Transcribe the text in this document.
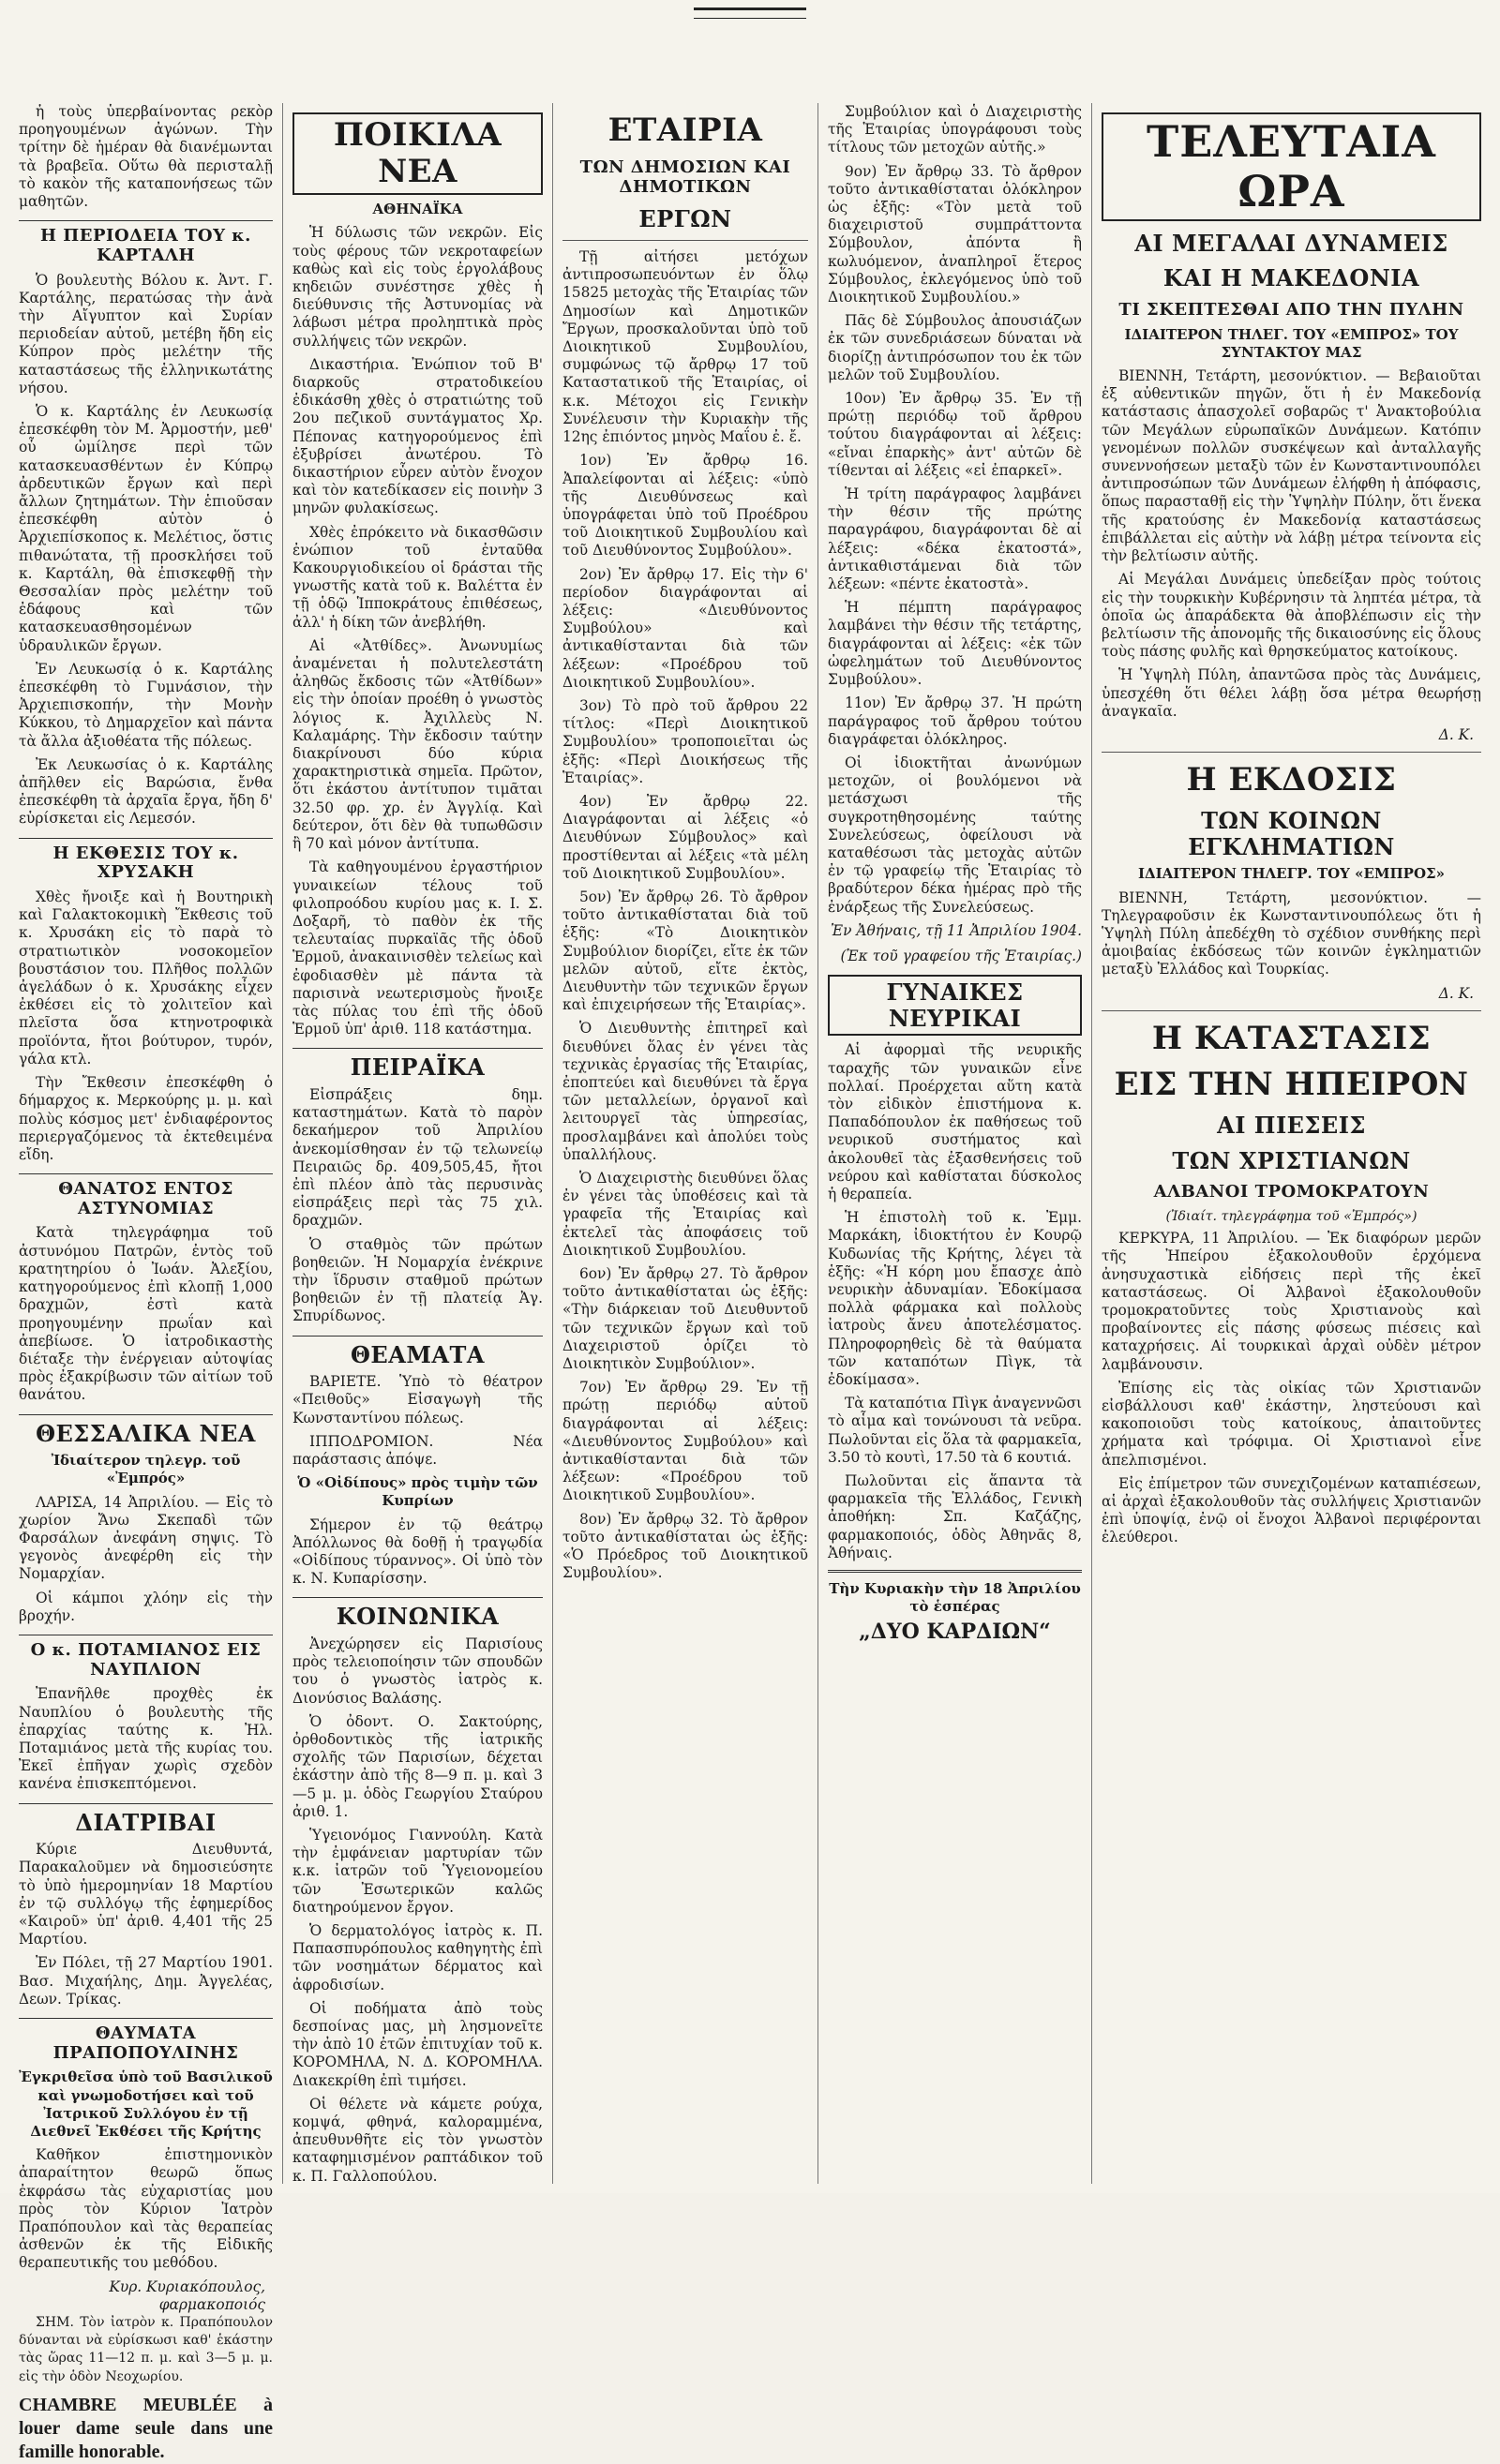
ἡ τοὺς ὑπερβαίνοντας ρεκὸρ προηγουμένων ἀγώνων. Τὴν τρίτην δὲ ἡμέραν θὰ διανέμωνται τὰ βραβεῖα. Οὕτω θὰ περισταλῇ τὸ κακὸν τῆς καταπονήσεως τῶν μαθητῶν.

Η ΠΕΡΙΟΔΕΙΑ ΤΟΥ κ. ΚΑΡΤΑΛΗ

Ὁ βουλευτὴς Βόλου κ. Ἀντ. Γ. Καρτάλης, περατώσας τὴν ἀνὰ τὴν Αἴγυπτον καὶ Συρίαν περιοδείαν αὐτοῦ, μετέβη ἤδη εἰς Κύπρον πρὸς μελέτην τῆς καταστάσεως τῆς ἑλληνικωτάτης νήσου.

Ὁ κ. Καρτάλης ἐν Λευκωσίᾳ ἐπεσκέφθη τὸν Μ. Ἀρμοστήν, μεθ' οὗ ὡμίλησε περὶ τῶν κατασκευασθέντων ἐν Κύπρῳ ἀρδευτικῶν ἔργων καὶ περὶ ἄλλων ζητημάτων. Τὴν ἑπιοῦσαν ἐπεσκέφθη αὐτὸν ὁ Ἀρχιεπίσκοπος κ. Μελέτιος, ὅστις πιθανώτατα, τῇ προσκλήσει τοῦ κ. Καρτάλη, θὰ ἐπισκεφθῇ τὴν Θεσσαλίαν πρὸς μελέτην τοῦ ἐδάφους καὶ τῶν κατασκευασθησομένων ὑδραυλικῶν ἔργων.

Ἐν Λευκωσίᾳ ὁ κ. Καρτάλης ἐπεσκέφθη τὸ Γυμνάσιον, τὴν Ἀρχιεπισκοπήν, τὴν Μονὴν Κύκκου, τὸ Δημαρχεῖον καὶ πάντα τὰ ἄλλα ἀξιοθέατα τῆς πόλεως.

Ἐκ Λευκωσίας ὁ κ. Καρτάλης ἀπῆλθεν εἰς Βαρώσια, ἔνθα ἐπεσκέφθη τὰ ἀρχαῖα ἔργα, ἤδη δ' εὑρίσκεται εἰς Λεμεσόν.

Η ΕΚΘΕΣΙΣ ΤΟΥ κ. ΧΡΥΣΑΚΗ

Χθὲς ἤνοιξε καὶ ἡ Βουτηρικὴ καὶ Γαλακτοκομικὴ Ἔκθεσις τοῦ κ. Χρυσάκη εἰς τὸ παρὰ τὸ στρατιωτικὸν νοσοκομεῖον βουστάσιον του. Πλῆθος πολλῶν ἀγελάδων ὁ κ. Χρυσάκης εἶχεν ἐκθέσει εἰς τὸ χολιτεῖον καὶ πλεῖστα ὅσα κτηνοτροφικὰ προϊόντα, ἤτοι βούτυρον, τυρόν, γάλα κτλ.

Τὴν Ἔκθεσιν ἐπεσκέφθη ὁ δήμαρχος κ. Μερκούρης μ. μ. καὶ πολὺς κόσμος μετ' ἐνδιαφέροντος περιεργαζόμενος τὰ ἐκτεθειμένα εἴδη.

ΘΑΝΑΤΟΣ ΕΝΤΟΣ ΑΣΤΥΝΟΜΙΑΣ

Κατὰ τηλεγράφημα τοῦ ἀστυνόμου Πατρῶν, ἐντὸς τοῦ κρατητηρίου ὁ Ἰωάν. Ἀλεξίου, κατηγορούμενος ἐπὶ κλοπῇ 1,000 δραχμῶν, ἐστὶ κατὰ προηγουμένην πρωΐαν καὶ ἀπεβίωσε. Ὁ ἰατροδικαστὴς διέταξε τὴν ἐνέργειαν αὐτοψίας πρὸς ἐξακρίβωσιν τῶν αἰτίων τοῦ θανάτου.

ΘΕΣΣΑΛΙΚΑ ΝΕΑ
Ἰδιαίτερον τηλεγρ. τοῦ «Ἐμπρός»

ΛΑΡΙΣΑ, 14 Ἀπριλίου. — Εἰς τὸ χωρίον Ἄνω Σκεπαδὶ τῶν Φαρσάλων ἀνεφάνη σηψις. Τὸ γεγονὸς ἀνεφέρθη εἰς τὴν Νομαρχίαν.

Οἱ κάμποι χλόην εἰς τὴν βροχήν.

Ο κ. ΠΟΤΑΜΙΑΝΟΣ ΕΙΣ ΝΑΥΠΛΙΟΝ

Ἐπανῆλθε προχθὲς ἐκ Ναυπλίου ὁ βουλευτὴς τῆς ἐπαρχίας ταύτης κ. Ἠλ. Ποταμιάνος μετὰ τῆς κυρίας του. Ἐκεῖ ἐπῆγαν χωρὶς σχεδὸν κανένα ἐπισκεπτόμενοι.

ΔΙΑΤΡΙΒΑΙ

Κύριε Διευθυντά, Παρακαλοῦμεν νὰ δημοσιεύσητε τὸ ὑπὸ ἡμερομηνίαν 18 Μαρτίου ἐν τῷ συλλόγῳ τῆς ἐφημερίδος «Καιροῦ» ὑπ' ἀριθ. 4,401 τῆς 25 Μαρτίου.

Ἐν Πόλει, τῇ 27 Μαρτίου 1901. Βασ. Μιχαήλης, Δημ. Ἀγγελέας, Δεων. Τρίκας.

ΘΑΥΜΑΤΑ ΠΡΑΠΟΠΟΥΛΙΝΗΣ
Ἐγκριθεῖσα ὑπὸ τοῦ Βασιλικοῦ καὶ γνωμοδοτήσει καὶ τοῦ Ἰατρικοῦ Συλλόγου ἐν τῇ Διεθνεῖ Ἐκθέσει τῆς Κρήτης

Καθῆκον ἐπιστημονικὸν ἀπαραίτητον θεωρῶ ὅπως ἐκφράσω τὰς εὐχαριστίας μου πρὸς τὸν Κύριον Ἰατρὸν Πραπόπουλον καὶ τὰς θεραπείας ἀσθενῶν ἐκ τῆς Εἰδικῆς θεραπευτικῆς του μεθόδου.

Κυρ. Κυριακόπουλος, φαρμακοποιός

ΣΗΜ. Τὸν ἰατρὸν κ. Πραπόπουλον δύνανται νὰ εὑρίσκωσι καθ' ἑκάστην τὰς ὥρας 11—12 π. μ. καὶ 3—5 μ. μ. εἰς τὴν ὁδὸν Νεοχωρίου.

CHAMBRE MEUBLÉE à louer dame seule dans une famille honorable.
ΠΟΙΚΙΛΑ ΝΕΑ
ΑΘΗΝΑΪΚΑ

Ἡ δύλωσις τῶν νεκρῶν. Εἰς τοὺς φέρους τῶν νεκροταφείων καθὼς καὶ εἰς τοὺς ἐργολάβους κηδειῶν συνέστησε χθὲς ἡ διεύθυνσις τῆς Ἀστυνομίας νὰ λάβωσι μέτρα προληπτικὰ πρὸς συλλήψεις τῶν νεκρῶν.

Δικαστήρια. Ἐνώπιον τοῦ Β' διαρκοῦς στρατοδικείου ἐδικάσθη χθὲς ὁ στρατιώτης τοῦ 2ου πεζικοῦ συντάγματος Χρ. Πέπονας κατηγορούμενος ἐπὶ ἐξυβρίσει ἀνωτέρου. Τὸ δικαστήριον εὗρεν αὐτὸν ἔνοχον καὶ τὸν κατεδίκασεν εἰς ποινὴν 3 μηνῶν φυλακίσεως.

Χθὲς ἐπρόκειτο νὰ δικασθῶσιν ἐνώπιον τοῦ ἐνταῦθα Κακουργιοδικείου οἱ δράσται τῆς γνωστῆς κατὰ τοῦ κ. Βαλέττα ἐν τῇ ὁδῷ Ἱπποκράτους ἐπιθέσεως, ἀλλ' ἡ δίκη τῶν ἀνεβλήθη.

Αἱ «Ἀτθίδες». Ἀνωνυμίως ἀναμένεται ἡ πολυτελεστάτη ἀληθῶς ἔκδοσις τῶν «Ἀτθίδων» εἰς τὴν ὁποίαν προέθη ὁ γνωστὸς λόγιος κ. Ἀχιλλεὺς Ν. Καλαμάρης. Τὴν ἔκδοσιν ταύτην διακρίνουσι δύο κύρια χαρακτηριστικὰ σημεῖα. Πρῶτον, ὅτι ἑκάστου ἀντίτυπον τιμᾶται 32.50 φρ. χρ. ἐν Ἀγγλίᾳ. Καὶ δεύτερον, ὅτι δὲν θὰ τυπωθῶσιν ἢ 70 καὶ μόνον ἀντίτυπα.

Τὰ καθηγουμένου ἐργαστήριον γυναικείων τέλους τοῦ φιλοπροόδου κυρίου μας κ. Ι. Σ. Δοξαρῆ, τὸ παθὸν ἐκ τῆς τελευταίας πυρκαϊᾶς τῆς ὁδοῦ Ἑρμοῦ, ἀνακαινισθὲν τελείως καὶ ἐφοδιασθὲν μὲ πάντα τὰ παρισινὰ νεωτερισμοὺς ἤνοιξε τὰς πύλας του ἐπὶ τῆς ὁδοῦ Ἑρμοῦ ὑπ' ἀριθ. 118 κατάστημα.

ΠΕΙΡΑΪΚΑ

Εἰσπράξεις δημ. καταστημάτων. Κατὰ τὸ παρὸν δεκαήμερον τοῦ Ἀπριλίου ἀνεκομίσθησαν ἐν τῷ τελωνείῳ Πειραιῶς δρ. 409,505,45, ἤτοι ἐπὶ πλέον ἀπὸ τὰς περυσινὰς εἰσπράξεις περὶ τὰς 75 χιλ. δραχμῶν.

Ὁ σταθμὸς τῶν πρώτων βοηθειῶν. Ἡ Νομαρχία ἐνέκρινε τὴν ἵδρυσιν σταθμοῦ πρώτων βοηθειῶν ἐν τῇ πλατείᾳ Ἀγ. Σπυρίδωνος.

ΘΕΑΜΑΤΑ

ΒΑΡΙΕΤΕ. Ὑπὸ τὸ θέατρον «Πειθοῦς» Εἰσαγωγὴ τῆς Κωνσταντίνου πόλεως.

ΙΠΠΟΔΡΟΜΙΟΝ. Νέα παράστασις ἀπόψε.

Ὁ «Οἰδίπους» πρὸς τιμὴν τῶν Κυπρίων

Σήμερον ἐν τῷ θεάτρῳ Ἀπόλλωνος θὰ δοθῇ ἡ τραγῳδία «Οἰδίπους τύραννος». Οἱ ὑπὸ τὸν κ. Ν. Κυπαρίσσην.

ΚΟΙΝΩΝΙΚΑ

Ἀνεχώρησεν εἰς Παρισίους πρὸς τελειοποίησιν τῶν σπουδῶν του ὁ γνωστὸς ἰατρὸς κ. Διονύσιος Βαλάσης.

Ὁ ὀδοντ. Ο. Σακτούρης, ὀρθοδοντικὸς τῆς ἰατρικῆς σχολῆς τῶν Παρισίων, δέχεται ἑκάστην ἀπὸ τῆς 8—9 π. μ. καὶ 3—5 μ. μ. ὁδὸς Γεωργίου Σταύρου ἀριθ. 1.

Ὑγειονόμος Γιαννούλη. Κατὰ τὴν ἐμφάνειαν μαρτυρίαν τῶν κ.κ. ἰατρῶν τοῦ Ὑγειονομείου τῶν Ἐσωτερικῶν καλῶς διατηρούμενον ἔργον.

Ὁ δερματολόγος ἰατρὸς κ. Π. Παπασπυρόπουλος καθηγητὴς ἐπὶ τῶν νοσημάτων δέρματος καὶ ἀφροδισίων.

Οἱ ποδήματα ἀπὸ τοὺς δεσποίνας μας, μὴ λησμονεῖτε τὴν ἀπὸ 10 ἐτῶν ἐπιτυχίαν τοῦ κ. ΚΟΡΟΜΗΛΑ, Ν. Δ. ΚΟΡΟΜΗΛΑ. Διακεκρίθη ἐπὶ τιμήσει.

Οἱ θέλετε νὰ κάμετε ρούχα, κομψά, φθηνά, καλοραμμένα, ἀπευθυνθῆτε εἰς τὸν γνωστὸν καταφημισμένον ραπτάδικον τοῦ κ. Π. Γαλλοπούλου.

ΕΤΑΙΡΙΑ
ΤΩΝ ΔΗΜΟΣΙΩΝ ΚΑΙ ΔΗΜΟΤΙΚΩΝ
ΕΡΓΩΝ

Τῇ αἰτήσει μετόχων ἀντιπροσωπευόντων ἐν ὅλῳ 15825 μετοχὰς τῆς Ἑταιρίας τῶν Δημοσίων καὶ Δημοτικῶν Ἔργων, προσκαλοῦνται ὑπὸ τοῦ Διοικητικοῦ Συμβουλίου, συμφώνως τῷ ἄρθρῳ 17 τοῦ Καταστατικοῦ τῆς Ἑταιρίας, οἱ κ.κ. Μέτοχοι εἰς Γενικὴν Συνέλευσιν τὴν Κυριακὴν τῆς 12ης ἐπιόντος μηνὸς Μαΐου ἐ. ἔ.

1ον) Ἐν ἄρθρῳ 16. Ἀπαλείφονται αἱ λέξεις: «ὑπὸ τῆς Διευθύνσεως καὶ ὑπογράφεται ὑπὸ τοῦ Προέδρου τοῦ Διοικητικοῦ Συμβουλίου καὶ τοῦ Διευθύνοντος Συμβούλου».

2ον) Ἐν ἄρθρῳ 17. Εἰς τὴν 6' περίοδον διαγράφονται αἱ λέξεις: «Διευθύνοντος Συμβούλου» καὶ ἀντικαθίστανται διὰ τῶν λέξεων: «Προέδρου τοῦ Διοικητικοῦ Συμβουλίου».

3ον) Τὸ πρὸ τοῦ ἄρθρου 22 τίτλος: «Περὶ Διοικητικοῦ Συμβουλίου» τροποποιεῖται ὡς ἑξῆς: «Περὶ Διοικήσεως τῆς Ἑταιρίας».

4ον) Ἐν ἄρθρῳ 22. Διαγράφονται αἱ λέξεις «ὁ Διευθύνων Σύμβουλος» καὶ προστίθενται αἱ λέξεις «τὰ μέλη τοῦ Διοικητικοῦ Συμβουλίου».

5ον) Ἐν ἄρθρῳ 26. Τὸ ἄρθρον τοῦτο ἀντικαθίσταται διὰ τοῦ ἑξῆς: «Τὸ Διοικητικὸν Συμβούλιον διορίζει, εἴτε ἐκ τῶν μελῶν αὐτοῦ, εἴτε ἐκτὸς, Διευθυντὴν τῶν τεχνικῶν ἔργων καὶ ἐπιχειρήσεων τῆς Ἑταιρίας».

Ὁ Διευθυντὴς ἐπιτηρεῖ καὶ διευθύνει ὅλας ἐν γένει τὰς τεχνικὰς ἐργασίας τῆς Ἑταιρίας, ἐποπτεύει καὶ διευθύνει τὰ ἔργα τῶν μεταλλείων, ὀργανοῖ καὶ λειτουργεῖ τὰς ὑπηρεσίας, προσλαμβάνει καὶ ἀπολύει τοὺς ὑπαλλήλους.

Ὁ Διαχειριστὴς διευθύνει ὅλας ἐν γένει τὰς ὑποθέσεις καὶ τὰ γραφεῖα τῆς Ἑταιρίας καὶ ἐκτελεῖ τὰς ἀποφάσεις τοῦ Διοικητικοῦ Συμβουλίου.

6ον) Ἐν ἄρθρῳ 27. Τὸ ἄρθρον τοῦτο ἀντικαθίσταται ὡς ἑξῆς: «Τὴν διάρκειαν τοῦ Διευθυντοῦ τῶν τεχνικῶν ἔργων καὶ τοῦ Διαχειριστοῦ ὁρίζει τὸ Διοικητικὸν Συμβούλιον».

7ον) Ἐν ἄρθρῳ 29. Ἐν τῇ πρώτῃ περιόδῳ αὐτοῦ διαγράφονται αἱ λέξεις: «Διευθύνοντος Συμβούλου» καὶ ἀντικαθίστανται διὰ τῶν λέξεων: «Προέδρου τοῦ Διοικητικοῦ Συμβουλίου».

8ον) Ἐν ἄρθρῳ 32. Τὸ ἄρθρον τοῦτο ἀντικαθίσταται ὡς ἑξῆς: «Ὁ Πρόεδρος τοῦ Διοικητικοῦ Συμβουλίου».

Συμβούλιον καὶ ὁ Διαχειριστὴς τῆς Ἑταιρίας ὑπογράφουσι τοὺς τίτλους τῶν μετοχῶν αὐτῆς.»

9ον) Ἐν ἄρθρῳ 33. Τὸ ἄρθρον τοῦτο ἀντικαθίσταται ὁλόκληρον ὡς ἑξῆς: «Τὸν μετὰ τοῦ διαχειριστοῦ συμπράττοντα Σύμβουλον, ἀπόντα ἢ κωλυόμενον, ἀναπληροῖ ἕτερος Σύμβουλος, ἐκλεγόμενος ὑπὸ τοῦ Διοικητικοῦ Συμβουλίου.»

Πᾶς δὲ Σύμβουλος ἀπουσιάζων ἐκ τῶν συνεδριάσεων δύναται νὰ διορίζῃ ἀντιπρόσωπον του ἐκ τῶν μελῶν τοῦ Συμβουλίου.

10ον) Ἐν ἄρθρῳ 35. Ἐν τῇ πρώτῃ περιόδῳ τοῦ ἄρθρου τούτου διαγράφονται αἱ λέξεις: «εἴναι ἐπαρκὴς» ἀντ' αὐτῶν δὲ τίθενται αἱ λέξεις «εἰ ἐπαρκεῖ».

Ἡ τρίτη παράγραφος λαμβάνει τὴν θέσιν τῆς πρώτης παραγράφου, διαγράφονται δὲ αἱ λέξεις: «δέκα ἑκατοστά», ἀντικαθιστάμεναι διὰ τῶν λέξεων: «πέντε ἑκατοστὰ».

Ἡ πέμπτη παράγραφος λαμβάνει τὴν θέσιν τῆς τετάρτης, διαγράφονται αἱ λέξεις: «ἐκ τῶν ὠφελημάτων τοῦ Διευθύνοντος Συμβούλου».

11ον) Ἐν ἄρθρῳ 37. Ἡ πρώτη παράγραφος τοῦ ἄρθρου τούτου διαγράφεται ὁλόκληρος.

Οἱ ἰδιοκτῆται ἀνωνύμων μετοχῶν, οἱ βουλόμενοι νὰ μετάσχωσι τῆς συγκροτηθησομένης ταύτης Συνελεύσεως, ὀφείλουσι νὰ καταθέσωσι τὰς μετοχὰς αὐτῶν ἐν τῷ γραφείῳ τῆς Ἑταιρίας τὸ βραδύτερον δέκα ἡμέρας πρὸ τῆς ἐνάρξεως τῆς Συνελεύσεως.

Ἐν Ἀθήναις, τῇ 11 Ἀπριλίου 1904.
(Ἐκ τοῦ γραφείου τῆς Ἑταιρίας.)
ΓΥΝΑΙΚΕΣ ΝΕΥΡΙΚΑΙ

Αἱ ἀφορμαὶ τῆς νευρικῆς ταραχῆς τῶν γυναικῶν εἶνε πολλαί. Προέρχεται αὕτη κατὰ τὸν εἰδικὸν ἐπιστήμονα κ. Παπαδόπουλον ἐκ παθήσεως τοῦ νευρικοῦ συστήματος καὶ ἀκολουθεῖ τὰς ἐξασθενήσεις τοῦ νεύρου καὶ καθίσταται δύσκολος ἡ θεραπεία.

Ἡ ἐπιστολὴ τοῦ κ. Ἐμμ. Μαρκάκη, ἰδιοκτήτου ἐν Κουρῷ Κυδωνίας τῆς Κρήτης, λέγει τὰ ἑξῆς: «Ἡ κόρη μου ἔπασχε ἀπὸ νευρικὴν ἀδυναμίαν. Ἐδοκίμασα πολλὰ φάρμακα καὶ πολλοὺς ἰατροὺς ἄνευ ἀποτελέσματος. Πληροφορηθεὶς δὲ τὰ θαύματα τῶν καταπότων Πὶγκ, τὰ ἐδοκίμασα».

Τὰ καταπότια Πὶγκ ἀναγεννῶσι τὸ αἷμα καὶ τονώνουσι τὰ νεῦρα. Πωλοῦνται εἰς ὅλα τὰ φαρμακεῖα, 3.50 τὸ κουτὶ, 17.50 τὰ 6 κουτιά.

Πωλοῦνται εἰς ἅπαντα τὰ φαρμακεῖα τῆς Ἑλλάδος, Γενικὴ ἀποθήκη: Σπ. Καζάζης, φαρμακοποιός, ὁδὸς Ἀθηνᾶς 8, Ἀθήναις.

Τὴν Κυριακὴν τὴν 18 Ἀπριλίου τὸ ἑσπέρας
„ΔΥΟ ΚΑΡΔΙΩΝ“
ΤΕΛΕΥΤΑΙΑ ΩΡΑ
ΑΙ ΜΕΓΑΛΑΙ ΔΥΝΑΜΕΙΣ
ΚΑΙ Η ΜΑΚΕΔΟΝΙΑ
ΤΙ ΣΚΕΠΤΕΣΘΑΙ ΑΠΟ ΤΗΝ ΠΥΛΗΝ
ΙΔΙΑΙΤΕΡΟΝ ΤΗΛΕΓ. ΤΟΥ «ΕΜΠΡΟΣ» ΤΟΥ ΣΥΝΤΑΚΤΟΥ ΜΑΣ

ΒΙΕΝΝΗ, Τετάρτη, μεσονύκτιον. — Βεβαιοῦται ἐξ αὐθεντικῶν πηγῶν, ὅτι ἡ ἐν Μακεδονίᾳ κατάστασις ἀπασχολεῖ σοβαρῶς τ' Ἀνακτοβούλια τῶν Μεγάλων εὐρωπαϊκῶν Δυνάμεων. Κατόπιν γενομένων πολλῶν συσκέψεων καὶ ἀνταλλαγῆς συνεννοήσεων μεταξὺ τῶν ἐν Κωνσταντινουπόλει ἀντιπροσώπων τῶν Δυνάμεων ἐλήφθη ἡ ἀπόφασις, ὅπως παρασταθῇ εἰς τὴν Ὑψηλὴν Πύλην, ὅτι ἕνεκα τῆς κρατούσης ἐν Μακεδονίᾳ καταστάσεως ἐπιβάλλεται εἰς αὐτὴν νὰ λάβῃ μέτρα τείνοντα εἰς τὴν βελτίωσιν αὐτῆς.

Αἱ Μεγάλαι Δυνάμεις ὑπεδείξαν πρὸς τούτοις εἰς τὴν τουρκικὴν Κυβέρνησιν τὰ ληπτέα μέτρα, τὰ ὁποῖα ὡς ἀπαράδεκτα θὰ ἀποβλέπωσιν εἰς τὴν βελτίωσιν τῆς ἀπονομῆς τῆς δικαιοσύνης εἰς ὅλους τοὺς πάσης φυλῆς καὶ θρησκεύματος κατοίκους.

Ἡ Ὑψηλὴ Πύλη, ἀπαντῶσα πρὸς τὰς Δυνάμεις, ὑπεσχέθη ὅτι θέλει λάβῃ ὅσα μέτρα θεωρήσῃ ἀναγκαῖα.

Δ. Κ.
Η ΕΚΔΟΣΙΣ
ΤΩΝ ΚΟΙΝΩΝ ΕΓΚΛΗΜΑΤΙΩΝ
ΙΔΙΑΙΤΕΡΟΝ ΤΗΛΕΓΡ. ΤΟΥ «ΕΜΠΡΟΣ»

ΒΙΕΝΝΗ, Τετάρτη, μεσονύκτιον. — Τηλεγραφοῦσιν ἐκ Κωνσταντινουπόλεως ὅτι ἡ Ὑψηλὴ Πύλη ἀπεδέχθη τὸ σχέδιον συνθήκης περὶ ἀμοιβαίας ἐκδόσεως τῶν κοινῶν ἐγκληματιῶν μεταξὺ Ἑλλάδος καὶ Τουρκίας.

Δ. Κ.
Η ΚΑΤΑΣΤΑΣΙΣ
ΕΙΣ ΤΗΝ ΗΠΕΙΡΟΝ
ΑΙ ΠΙΕΣΕΙΣ
ΤΩΝ ΧΡΙΣΤΙΑΝΩΝ
ΑΛΒΑΝΟΙ ΤΡΟΜΟΚΡΑΤΟΥΝ
(Ἰδιαίτ. τηλεγράφημα τοῦ «Ἐμπρός»)

ΚΕΡΚΥΡΑ, 11 Ἀπριλίου. — Ἐκ διαφόρων μερῶν τῆς Ἠπείρου ἐξακολουθοῦν ἐρχόμενα ἀνησυχαστικὰ εἰδήσεις περὶ τῆς ἐκεῖ καταστάσεως. Οἱ Ἀλβανοὶ ἐξακολουθοῦν τρομοκρατοῦντες τοὺς Χριστιανοὺς καὶ προβαίνοντες εἰς πάσης φύσεως πιέσεις καὶ καταχρήσεις. Αἱ τουρκικαὶ ἀρχαὶ οὐδὲν μέτρον λαμβάνουσιν.

Ἐπίσης εἰς τὰς οἰκίας τῶν Χριστιανῶν εἰσβάλλουσι καθ' ἑκάστην, ληστεύουσι καὶ κακοποιοῦσι τοὺς κατοίκους, ἀπαιτοῦντες χρήματα καὶ τρόφιμα. Οἱ Χριστιανοὶ εἶνε ἀπελπισμένοι.

Εἰς ἐπίμετρον τῶν συνεχιζομένων καταπιέσεων, αἱ ἀρχαὶ ἐξακολουθοῦν τὰς συλλήψεις Χριστιανῶν ἐπὶ ὑποψίᾳ, ἐνῷ οἱ ἔνοχοι Ἀλβανοὶ περιφέρονται ἐλεύθεροι.
